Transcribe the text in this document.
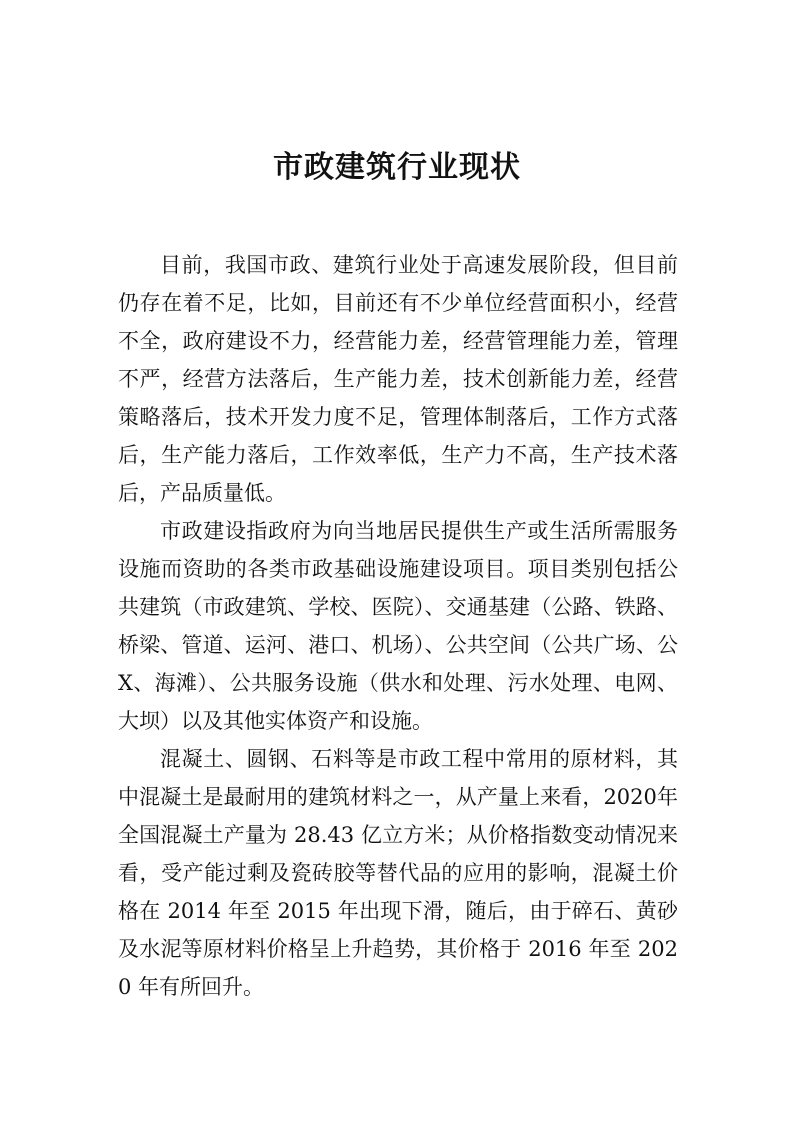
市政建筑行业现状

目前，我国市政、建筑行业处于高速发展阶段，但目前仍存在着不足，比如，目前还有不少单位经营面积小，经营不全，政府建设不力，经营能力差，经营管理能力差，管理不严，经营方法落后，生产能力差，技术创新能力差，经营策略落后，技术开发力度不足，管理体制落后，工作方式落后，生产能力落后，工作效率低，生产力不高，生产技术落后，产品质量低。

市政建设指政府为向当地居民提供生产或生活所需服务设施而资助的各类市政基础设施建设项目。项目类别包括公共建筑（市政建筑、学校、医院）、交通基建（公路、铁路、桥梁、管道、运河、港口、机场）、公共空间（公共广场、公X、海滩）、公共服务设施（供水和处理、污水处理、电网、大坝）以及其他实体资产和设施。

混凝土、圆钢、石料等是市政工程中常用的原材料，其中混凝土是最耐用的建筑材料之一，从产量上来看，2020年全国混凝土产量为 28.43 亿立方米；从价格指数变动情况来看，受产能过剩及瓷砖胶等替代品的应用的影响，混凝土价格在 2014 年至 2015 年出现下滑，随后，由于碎石、黄砂及水泥等原材料价格呈上升趋势，其价格于 2016 年至 2020 年有所回升。
